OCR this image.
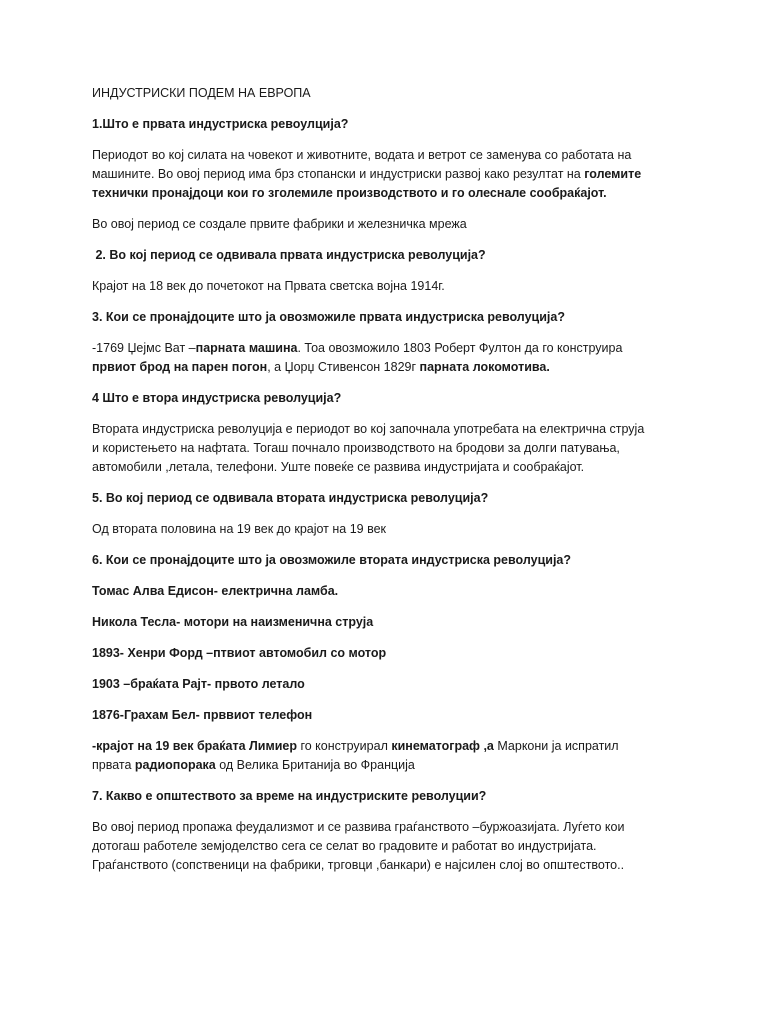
ИНДУСТРИСКИ ПОДЕМ НА ЕВРОПА

1.Што е првата индустриска ревоулција?

Периодот во кој силата на човекот и животните, водата и ветрот се заменува со работата на
машините. Во овој период има брз стопански и индустриски развој како резултат на големите
технички пронајдоци кои го зголемиле производството и го олеснале сообраќајот.

Во овој период се создале првите фабрики и железничка мрежа

2. Во кој период се одвивала првата индустриска револуција?

Крајот на 18 век до почетокот на Првата светска војна 1914г.

3. Кои се пронајдоците што ја овозможиле првата индустриска револуција?

-1769 Џејмс Ват –парната машина. Тоа овозможило 1803 Роберт Фултон да го конструира
првиот брод на парен погон, а Џорџ Стивенсон 1829г парната локомотива.

4 Што е втора индустриска револуција?

Втората индустриска револуција е периодот во кој започнала употребата на електрична струја
и користењето на нафтата. Тогаш почнало производството на бродови за долги патувања,
автомобили ,летала, телефони. Уште повеќе се развива индустријата и сообраќајот.

5. Во кој период се одвивала втората индустриска револуција?

Од втората половина на 19 век до крајот на 19 век

6. Кои се пронајдоците што ја овозможиле втората индустриска револуција?

Томас Алва Едисон- електрична ламба.

Никола Тесла- мотори на наизменична струја

1893- Хенри Форд –птвиот автомобил со мотор

1903 –браќата Рајт- првото летало

1876-Грахам Бел- прввиот телефон

-крајот на 19 век браќата Лимиер го конструирал кинематограф ,а Маркони ја испратил
првата радиопорака од Велика Британија во Франција

7. Какво е општеството за време на индустриските револуции?

Во овој период пропажа феудализмот и се развива граѓанството –буржоазијата. Луѓето кои
дотогаш работеле земјоделство сега се селат во градовите и работат во индустријата.
Граѓанството (сопственици на фабрики, трговци ,банкари) е најсилен слој во општеството..
